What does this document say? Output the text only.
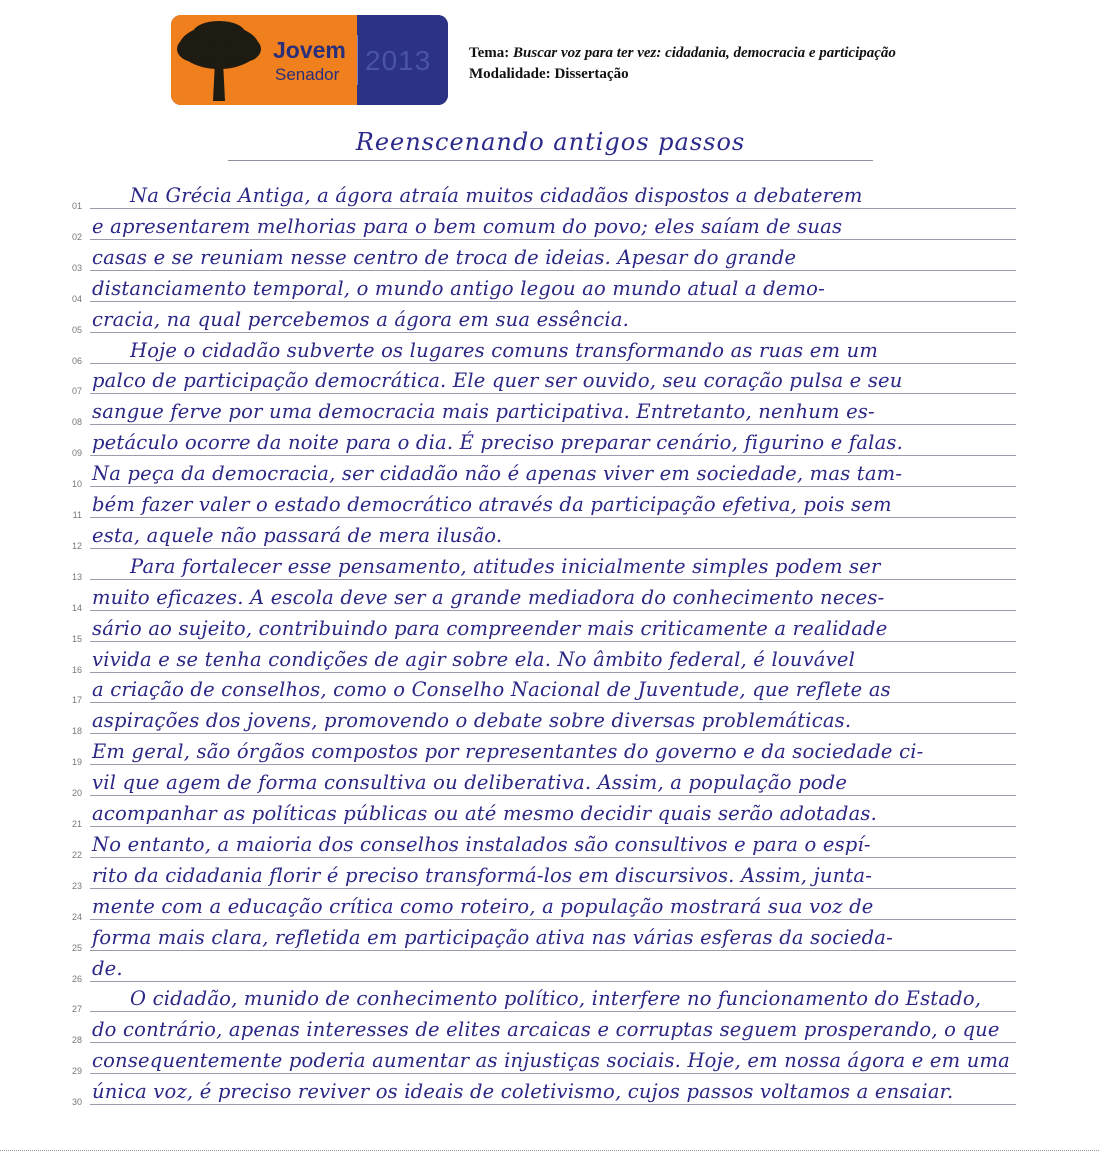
Jovem
Senador 2013	Tema: Buscar voz para ter vez: cidadania, democracia e participação
Modalidade: Dissertação
Reenscenando antigos passos
01 Na Grécia Antiga, a ágora atraía muitos cidadãos dispostos a debaterem
02 e apresentarem melhorias para o bem comum do povo; eles saíam de suas
03 casas e se reuniam nesse centro de troca de ideias. Apesar do grande
04 distanciamento temporal, o mundo antigo legou ao mundo atual a demo-
05 cracia, na qual percebemos a ágora em sua essência.
06 Hoje o cidadão subverte os lugares comuns transformando as ruas em um
07 palco de participação democrática. Ele quer ser ouvido, seu coração pulsa e seu
08 sangue ferve por uma democracia mais participativa. Entretanto, nenhum es-
09 petáculo ocorre da noite para o dia. É preciso preparar cenário, figurino e falas.
10 Na peça da democracia, ser cidadão não é apenas viver em sociedade, mas tam-
11 bém fazer valer o estado democrático através da participação efetiva, pois sem
12 esta, aquele não passará de mera ilusão.
13 Para fortalecer esse pensamento, atitudes inicialmente simples podem ser
14 muito eficazes. A escola deve ser a grande mediadora do conhecimento neces-
15 sário ao sujeito, contribuindo para compreender mais criticamente a realidade
16 vivida e se tenha condições de agir sobre ela. No âmbito federal, é louvável
17 a criação de conselhos, como o Conselho Nacional de Juventude, que reflete as
18 aspirações dos jovens, promovendo o debate sobre diversas problemáticas.
19 Em geral, são órgãos compostos por representantes do governo e da sociedade ci-
20 vil que agem de forma consultiva ou deliberativa. Assim, a população pode
21 acompanhar as políticas públicas ou até mesmo decidir quais serão adotadas.
22 No entanto, a maioria dos conselhos instalados são consultivos e para o espí-
23 rito da cidadania florir é preciso transformá-los em discursivos. Assim, junta-
24 mente com a educação crítica como roteiro, a população mostrará sua voz de
25 forma mais clara, refletida em participação ativa nas várias esferas da socieda-
26 de.
27 O cidadão, munido de conhecimento político, interfere no funcionamento do Estado,
28 do contrário, apenas interesses de elites arcaicas e corruptas seguem prosperando, o que
29 consequentemente poderia aumentar as injustiças sociais. Hoje, em nossa ágora e em uma
30 única voz, é preciso reviver os ideais de coletivismo, cujos passos voltamos a ensaiar.
